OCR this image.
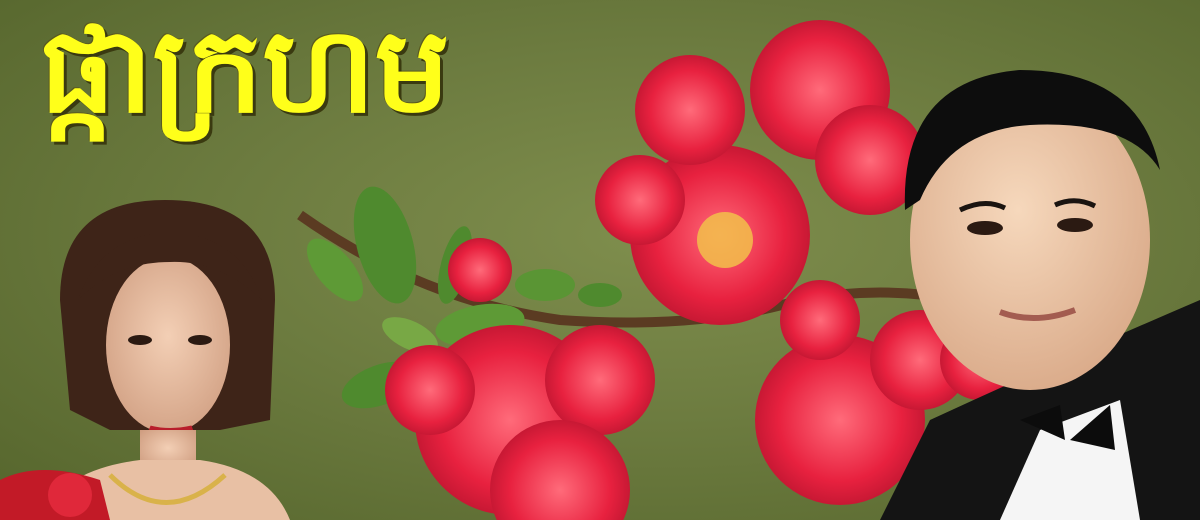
ផ្កាក្រហម
